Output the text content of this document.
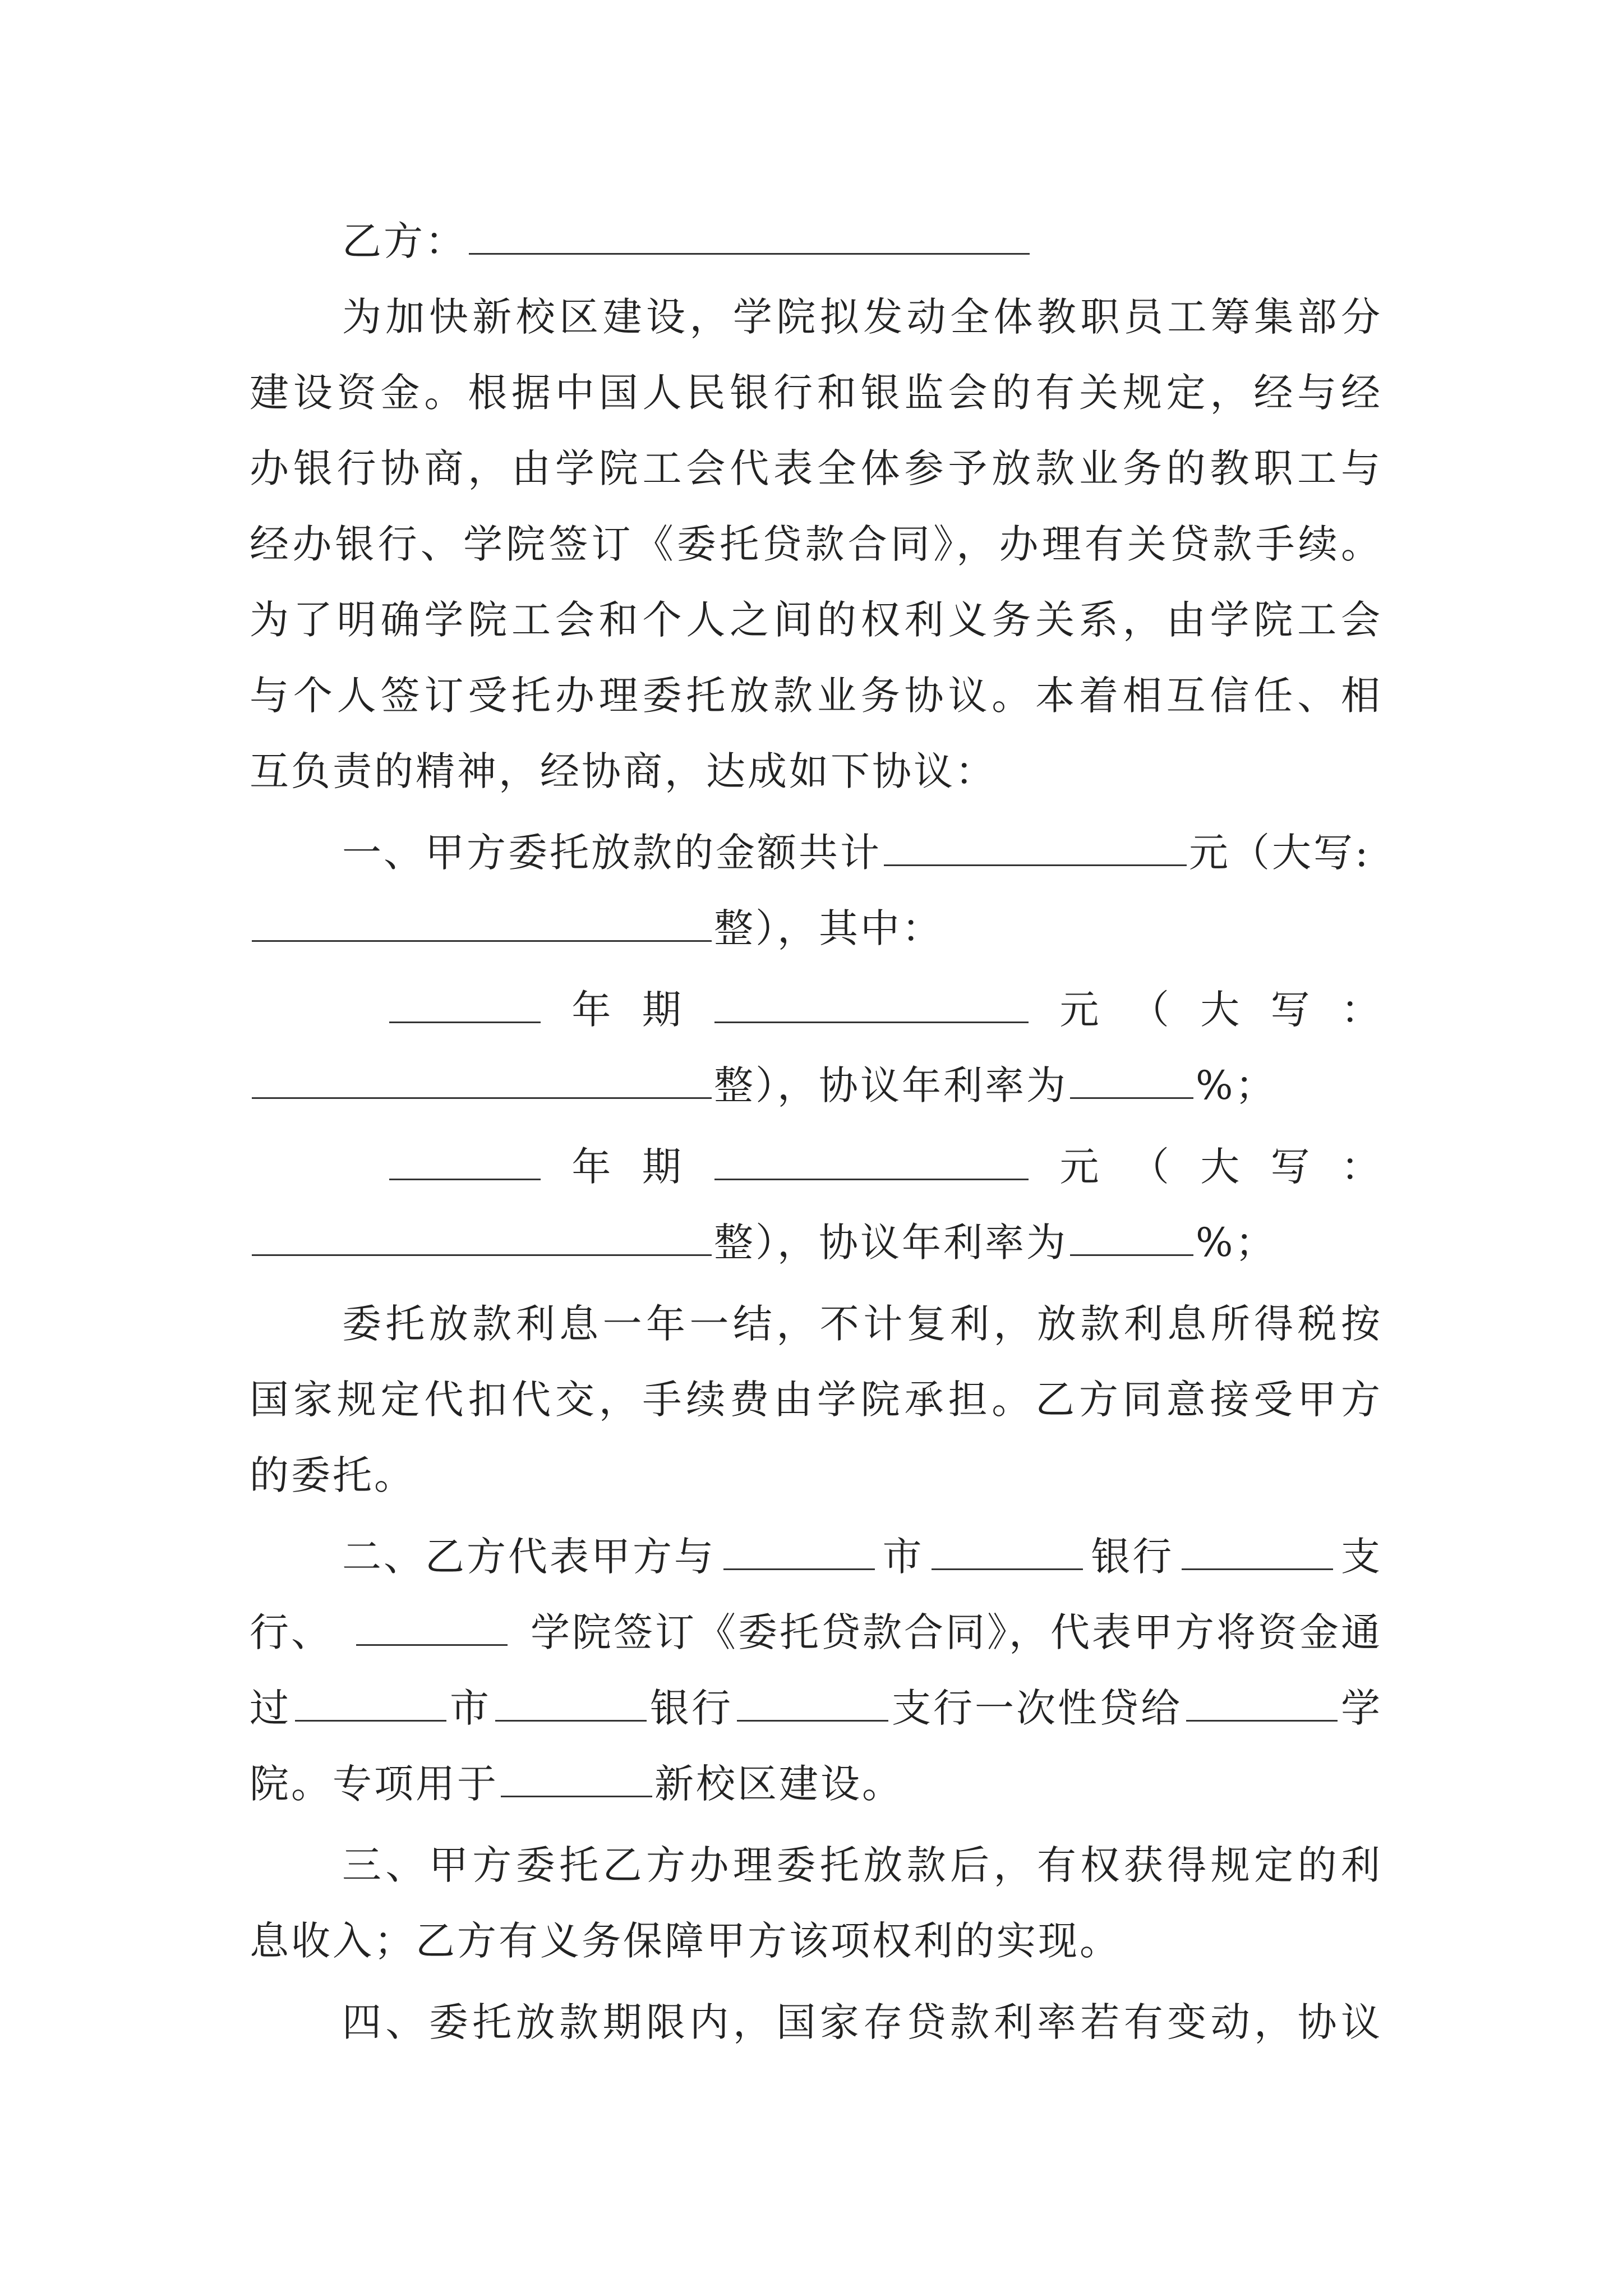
乙方：
为加快新校区建设，学院拟发动全体教职员工筹集部分
建设资金。根据中国人民银行和银监会的有关规定，经与经
办银行协商，由学院工会代表全体参予放款业务的教职工与
经办银行、学院签订《委托贷款合同》，办理有关贷款手续。
为了明确学院工会和个人之间的权利义务关系，由学院工会
与个人签订受托办理委托放款业务协议。本着相互信任、相
互负责的精神，经协商，达成如下协议：
一、甲方委托放款的金额共计	元（大写:
整），其中：
年 期	元 （ 大 写 ：
整），协议年利率为	%；
年 期	元 （ 大 写 ：
整），协议年利率为	%；
委托放款利息一年一结，不计复利，放款利息所得税按
国家规定代扣代交，手续费由学院承担。乙方同意接受甲方
的委托。
二、乙方代表甲方与	市	银行	支
行、	学院签订《委托贷款合同》，代表甲方将资金通
过	市	银行	支行一次性贷给	学
院。专项用于	新校区建设。
三、甲方委托乙方办理委托放款后，有权获得规定的利
息收入；乙方有义务保障甲方该项权利的实现。
四、委托放款期限内，国家存贷款利率若有变动，协议
